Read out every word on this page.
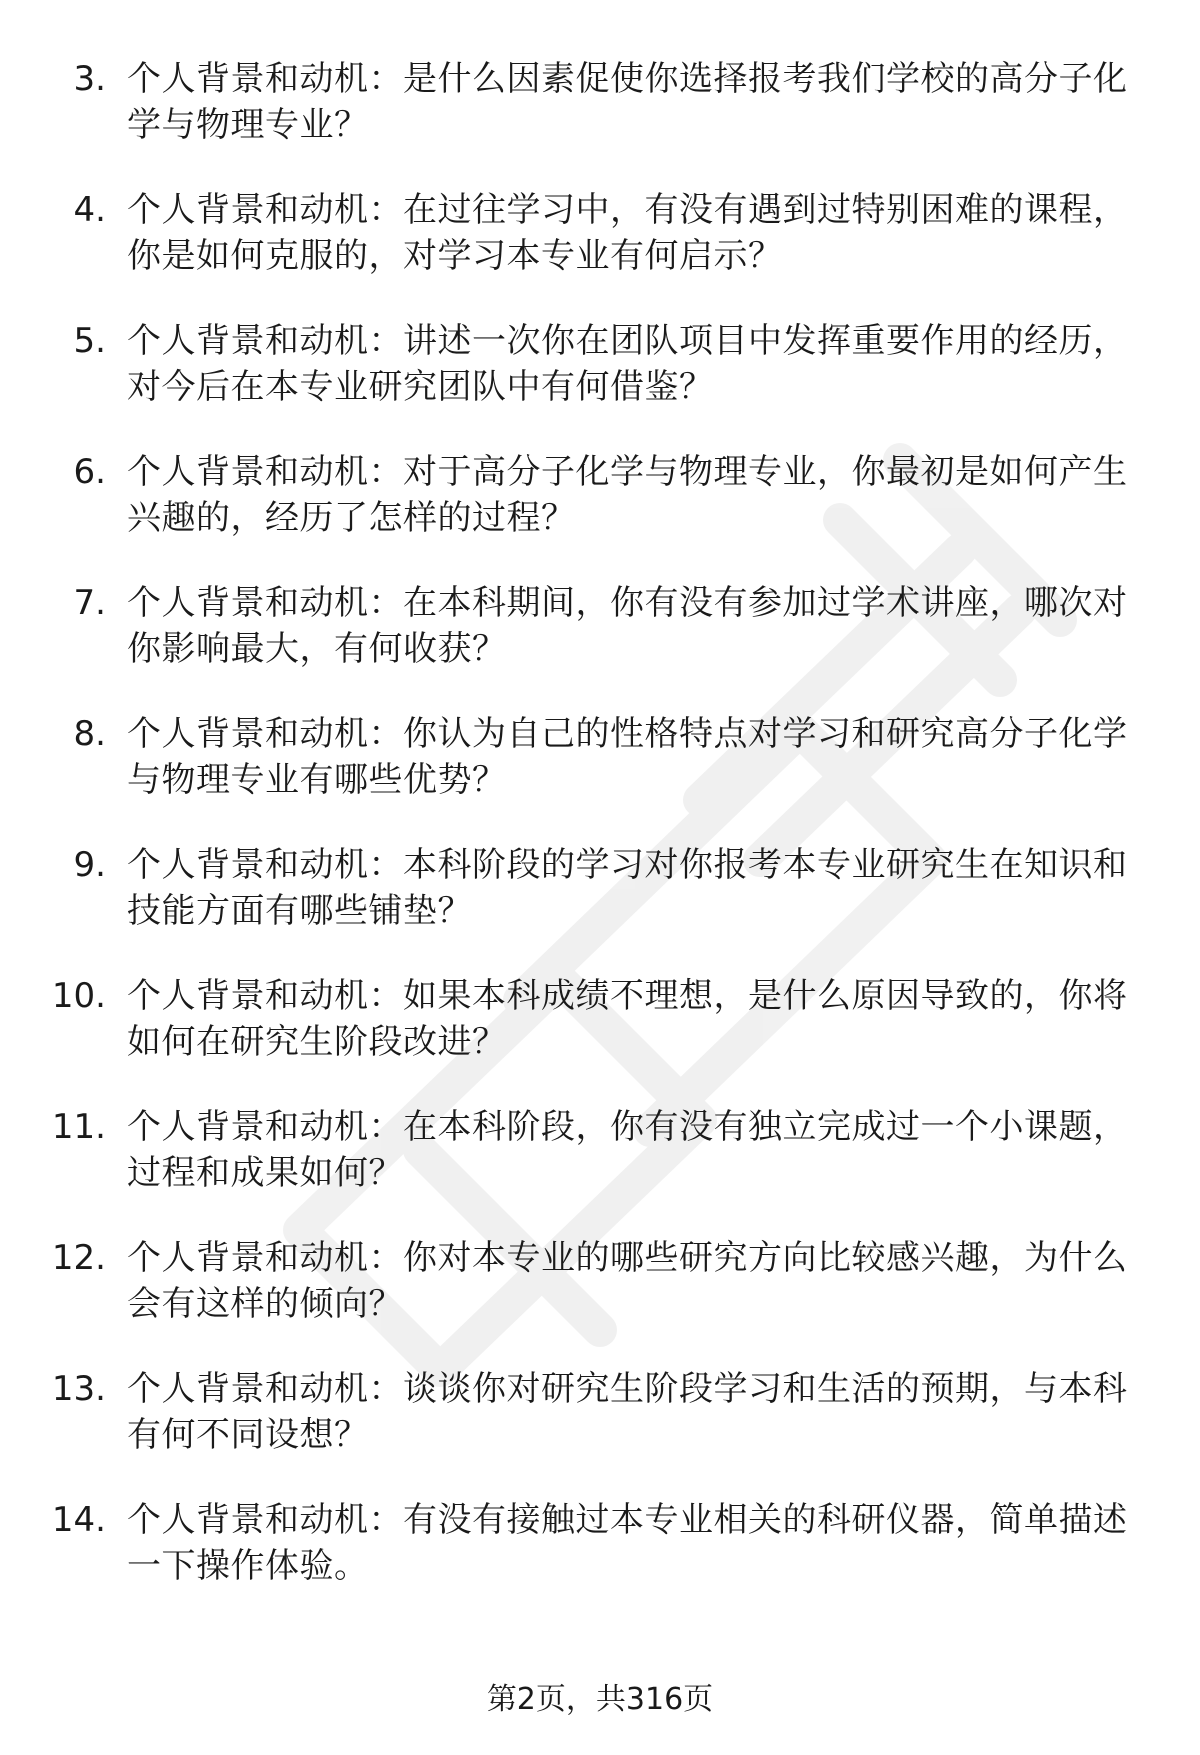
3. 个人背景和动机：是什么因素促使你选择报考我们学校的高分子化学与物理专业？
4. 个人背景和动机：在过往学习中，有没有遇到过特别困难的课程，你是如何克服的，对学习本专业有何启示？
5. 个人背景和动机：讲述一次你在团队项目中发挥重要作用的经历，对今后在本专业研究团队中有何借鉴？
6. 个人背景和动机：对于高分子化学与物理专业，你最初是如何产生兴趣的，经历了怎样的过程？
7. 个人背景和动机：在本科期间，你有没有参加过学术讲座，哪次对你影响最大，有何收获？
8. 个人背景和动机：你认为自己的性格特点对学习和研究高分子化学与物理专业有哪些优势？
9. 个人背景和动机：本科阶段的学习对你报考本专业研究生在知识和技能方面有哪些铺垫？
10. 个人背景和动机：如果本科成绩不理想，是什么原因导致的，你将如何在研究生阶段改进？
11. 个人背景和动机：在本科阶段，你有没有独立完成过一个小课题，过程和成果如何？
12. 个人背景和动机：你对本专业的哪些研究方向比较感兴趣，为什么会有这样的倾向？
13. 个人背景和动机：谈谈你对研究生阶段学习和生活的预期，与本科有何不同设想？
14. 个人背景和动机：有没有接触过本专业相关的科研仪器，简单描述一下操作体验。
第2页，共316页
